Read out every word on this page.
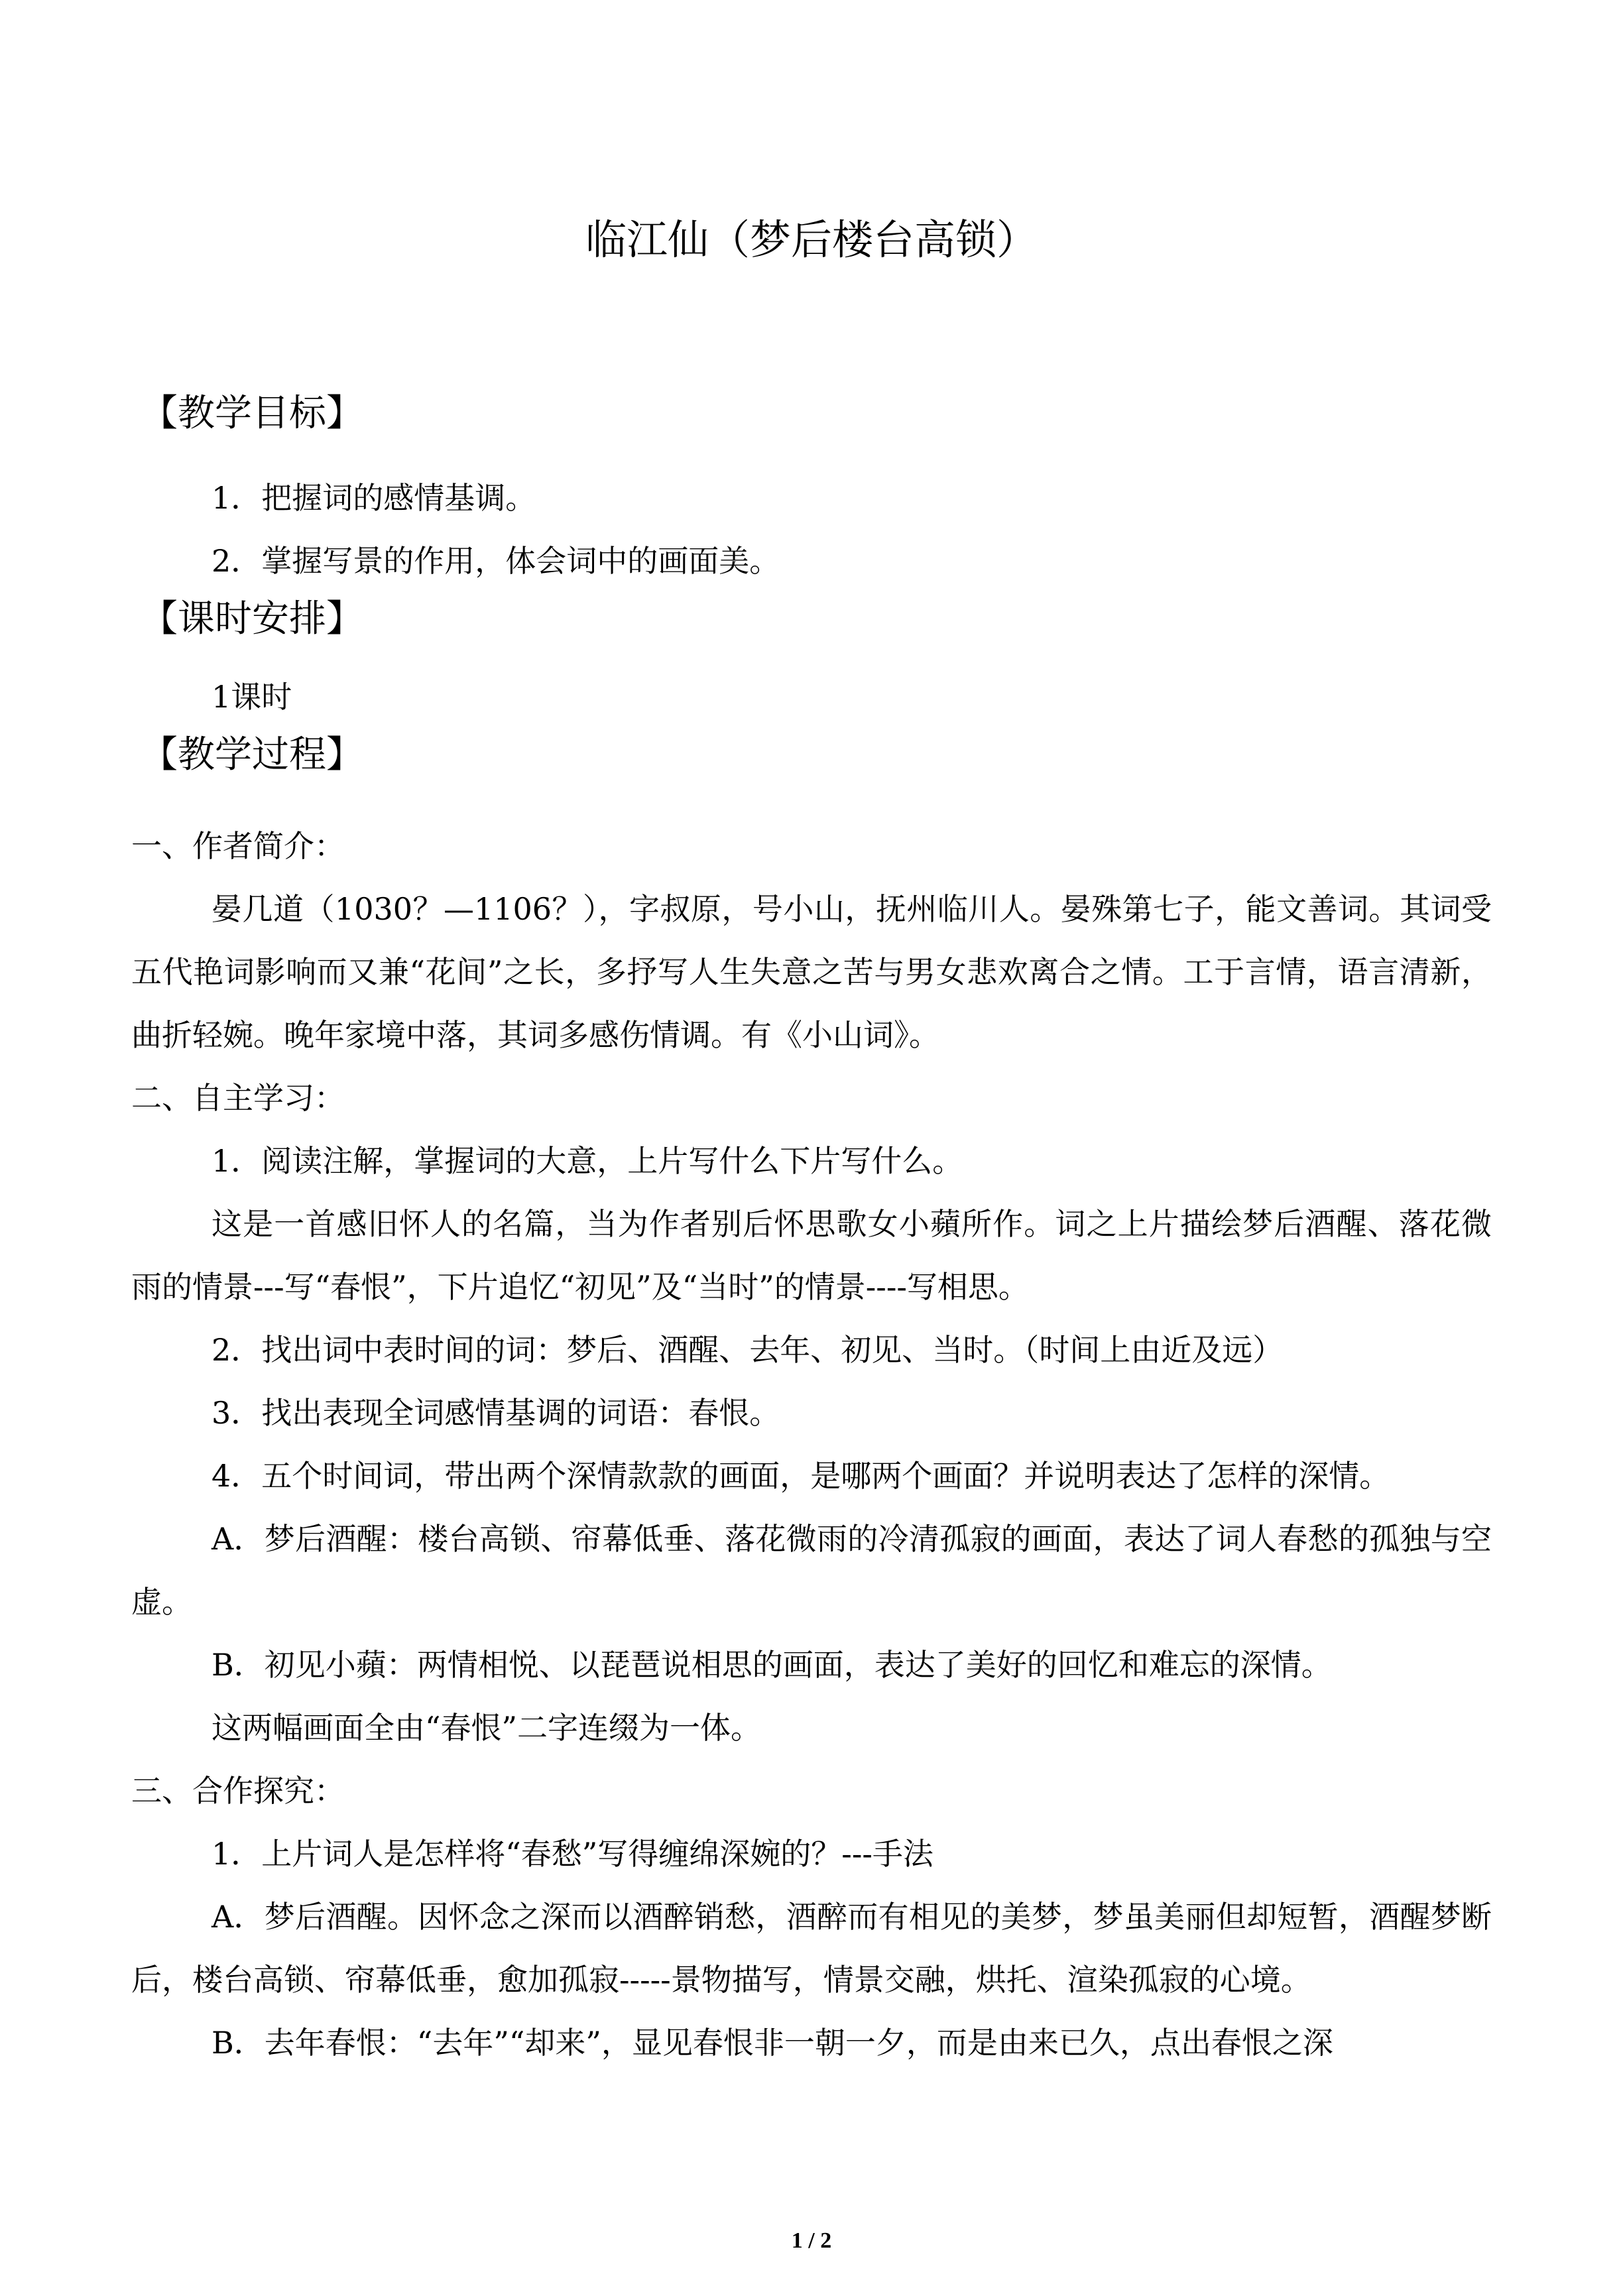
临江仙（梦后楼台高锁）
【教学目标】

1．把握词的感情基调。

2．掌握写景的作用，体会词中的画面美。

【课时安排】

1课时

【教学过程】

一、作者简介：

晏几道（1030？—1106？），字叔原，号小山，抚州临川人。晏殊第七子，能文善词。其词受五代艳词影响而又兼“花间”之长，多抒写人生失意之苦与男女悲欢离合之情。工于言情，语言清新，曲折轻婉。晚年家境中落，其词多感伤情调。有《小山词》。

二、自主学习：

1．阅读注解，掌握词的大意，上片写什么下片写什么。

这是一首感旧怀人的名篇，当为作者别后怀思歌女小蘋所作。词之上片描绘梦后酒醒、落花微雨的情景---写“春恨”，下片追忆“初见”及“当时”的情景----写相思。

2．找出词中表时间的词：梦后、酒醒、去年、初见、当时。（时间上由近及远）

3．找出表现全词感情基调的词语：春恨。

4．五个时间词，带出两个深情款款的画面，是哪两个画面？并说明表达了怎样的深情。

A．梦后酒醒：楼台高锁、帘幕低垂、落花微雨的冷清孤寂的画面，表达了词人春愁的孤独与空虚。

B．初见小蘋：两情相悦、以琵琶说相思的画面，表达了美好的回忆和难忘的深情。

这两幅画面全由“春恨”二字连缀为一体。

三、合作探究：

1．上片词人是怎样将“春愁”写得缠绵深婉的？---手法

A．梦后酒醒。因怀念之深而以酒醉销愁，酒醉而有相见的美梦，梦虽美丽但却短暂，酒醒梦断后，楼台高锁、帘幕低垂，愈加孤寂-----景物描写，情景交融，烘托、渲染孤寂的心境。

B．去年春恨：“去年”“却来”，显见春恨非一朝一夕，而是由来已久，点出春恨之深

1 / 2
